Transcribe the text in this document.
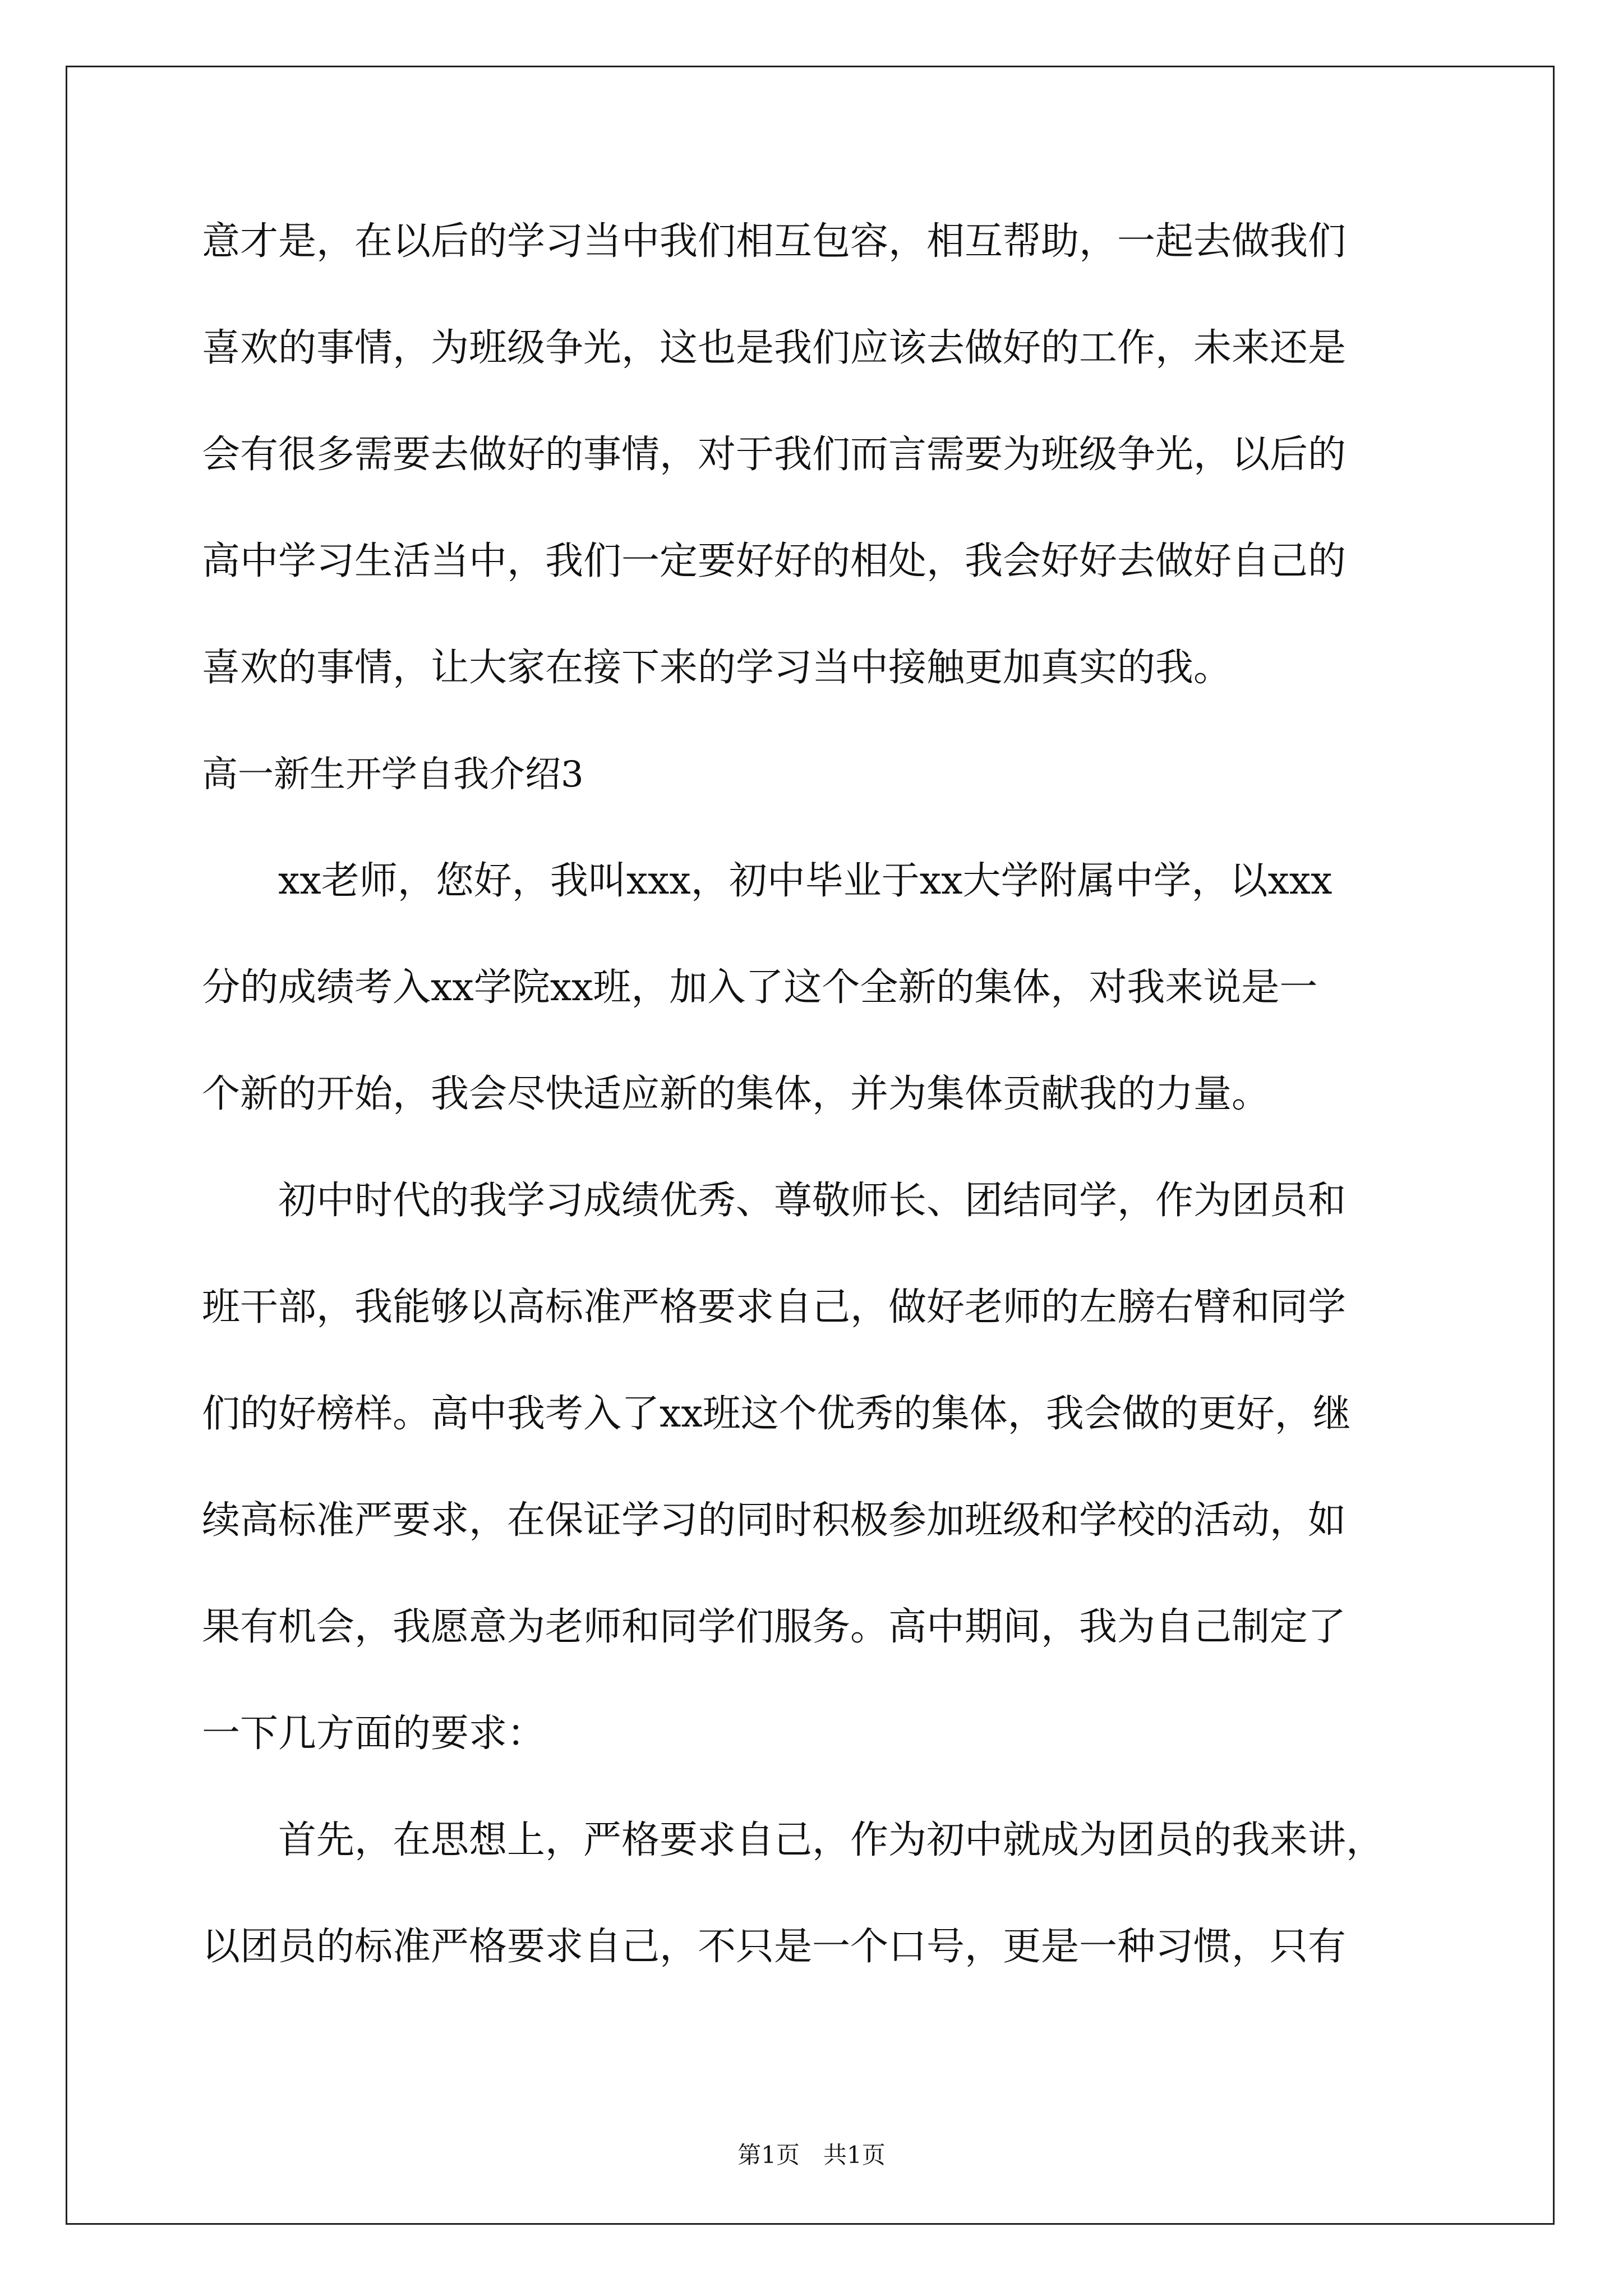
意才是，在以后的学习当中我们相互包容，相互帮助，一起去做我们
喜欢的事情，为班级争光，这也是我们应该去做好的工作，未来还是
会有很多需要去做好的事情，对于我们而言需要为班级争光，以后的
高中学习生活当中，我们一定要好好的相处，我会好好去做好自己的
喜欢的事情，让大家在接下来的学习当中接触更加真实的我。
高一新生开学自我介绍3
xx老师，您好，我叫xxx，初中毕业于xx大学附属中学，以xxx
分的成绩考入xx学院xx班，加入了这个全新的集体，对我来说是一
个新的开始，我会尽快适应新的集体，并为集体贡献我的力量。
初中时代的我学习成绩优秀、尊敬师长、团结同学，作为团员和
班干部，我能够以高标准严格要求自己，做好老师的左膀右臂和同学
们的好榜样。高中我考入了xx班这个优秀的集体，我会做的更好，继
续高标准严要求，在保证学习的同时积极参加班级和学校的活动，如
果有机会，我愿意为老师和同学们服务。高中期间，我为自己制定了
一下几方面的要求：
首先，在思想上，严格要求自己，作为初中就成为团员的我来讲，
以团员的标准严格要求自己，不只是一个口号，更是一种习惯，只有
第1页　共1页
